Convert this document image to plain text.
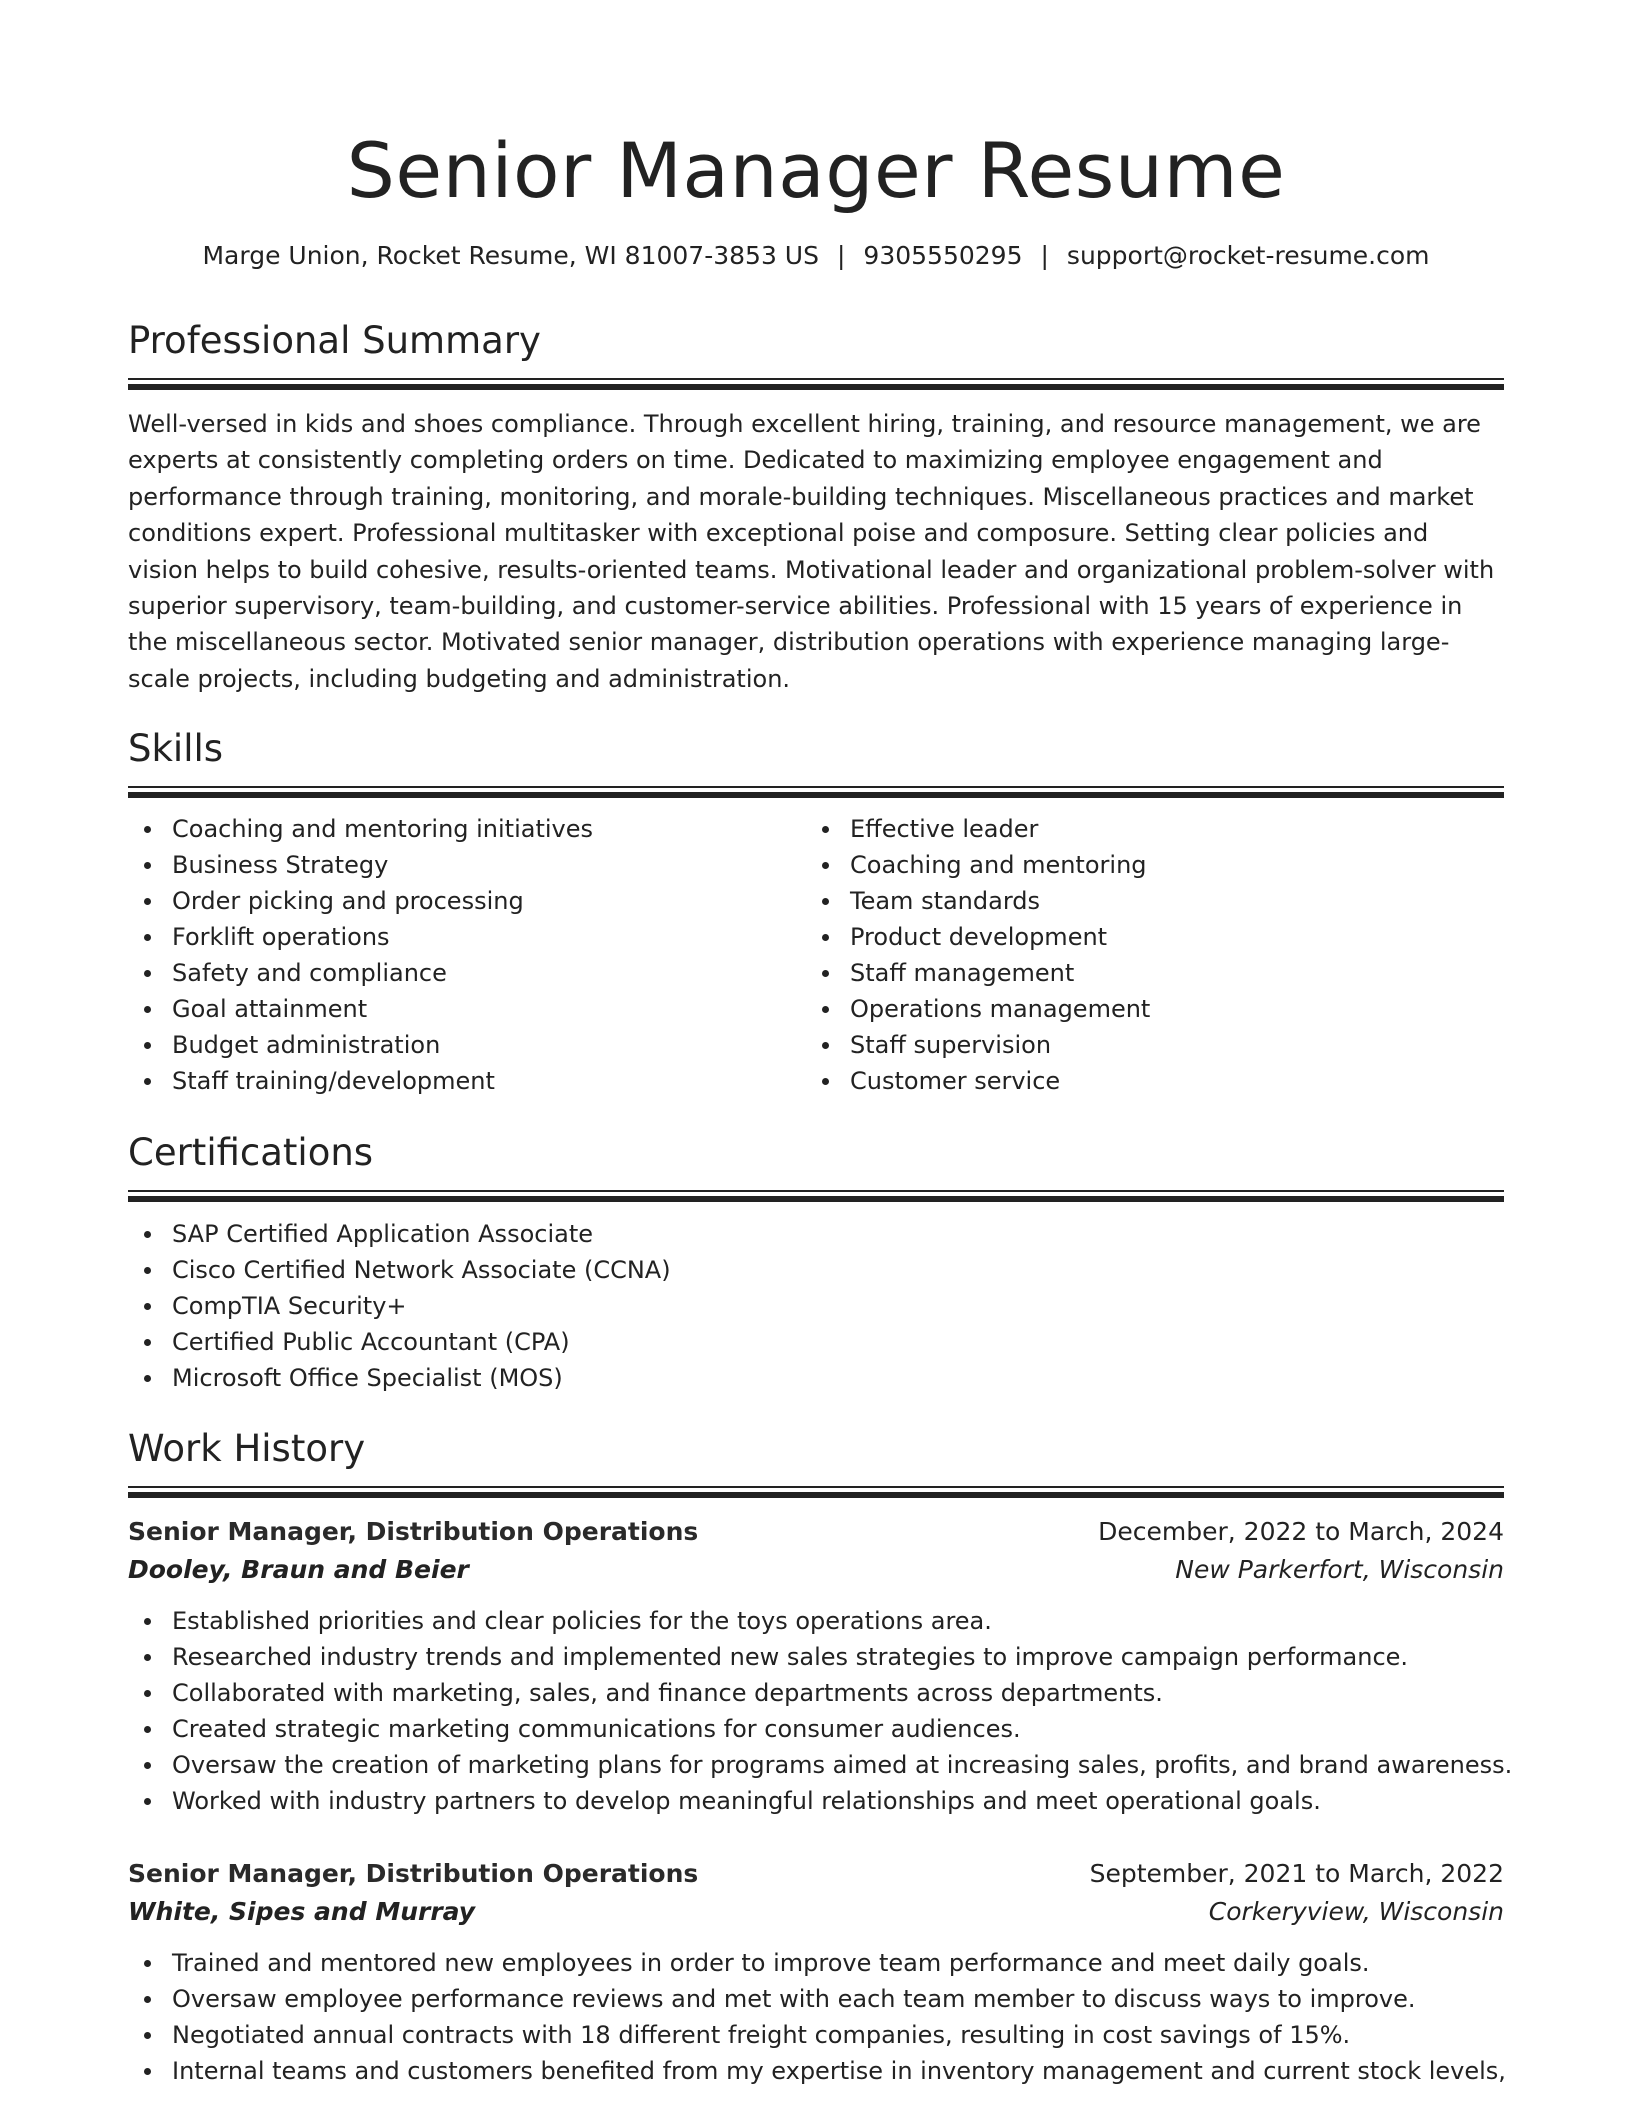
Senior Manager Resume
Marge Union, Rocket Resume, WI 81007-3853 US | 9305550295 | support@rocket-resume.com
Professional Summary

Well-versed in kids and shoes compliance. Through excellent hiring, training, and resource management, we are experts at consistently completing orders on time. Dedicated to maximizing employee engagement and performance through training, monitoring, and morale-building techniques. Miscellaneous practices and market conditions expert. Professional multitasker with exceptional poise and composure. Setting clear policies and vision helps to build cohesive, results-oriented teams. Motivational leader and organizational problem-solver with superior supervisory, team-building, and customer-service abilities. Professional with 15 years of experience in the miscellaneous sector. Motivated senior manager, distribution operations with experience managing large-scale projects, including budgeting and administration.

Skills
Coaching and mentoring initiatives
Business Strategy
Order picking and processing
Forklift operations
Safety and compliance
Goal attainment
Budget administration
Staff training/development
Effective leader
Coaching and mentoring
Team standards
Product development
Staff management
Operations management
Staff supervision
Customer service
Certifications
SAP Certified Application Associate
Cisco Certified Network Associate (CCNA)
CompTIA Security+
Certified Public Accountant (CPA)
Microsoft Office Specialist (MOS)
Work History
Senior Manager, Distribution Operations	December, 2022 to March, 2024
Dooley, Braun and Beier	New Parkerfort, Wisconsin
Established priorities and clear policies for the toys operations area.
Researched industry trends and implemented new sales strategies to improve campaign performance.
Collaborated with marketing, sales, and finance departments across departments.
Created strategic marketing communications for consumer audiences.
Oversaw the creation of marketing plans for programs aimed at increasing sales, profits, and brand awareness.
Worked with industry partners to develop meaningful relationships and meet operational goals.
Senior Manager, Distribution Operations	September, 2021 to March, 2022
White, Sipes and Murray	Corkeryview, Wisconsin
Trained and mentored new employees in order to improve team performance and meet daily goals.
Oversaw employee performance reviews and met with each team member to discuss ways to improve.
Negotiated annual contracts with 18 different freight companies, resulting in cost savings of 15%.
Internal teams and customers benefited from my expertise in inventory management and current stock levels,
